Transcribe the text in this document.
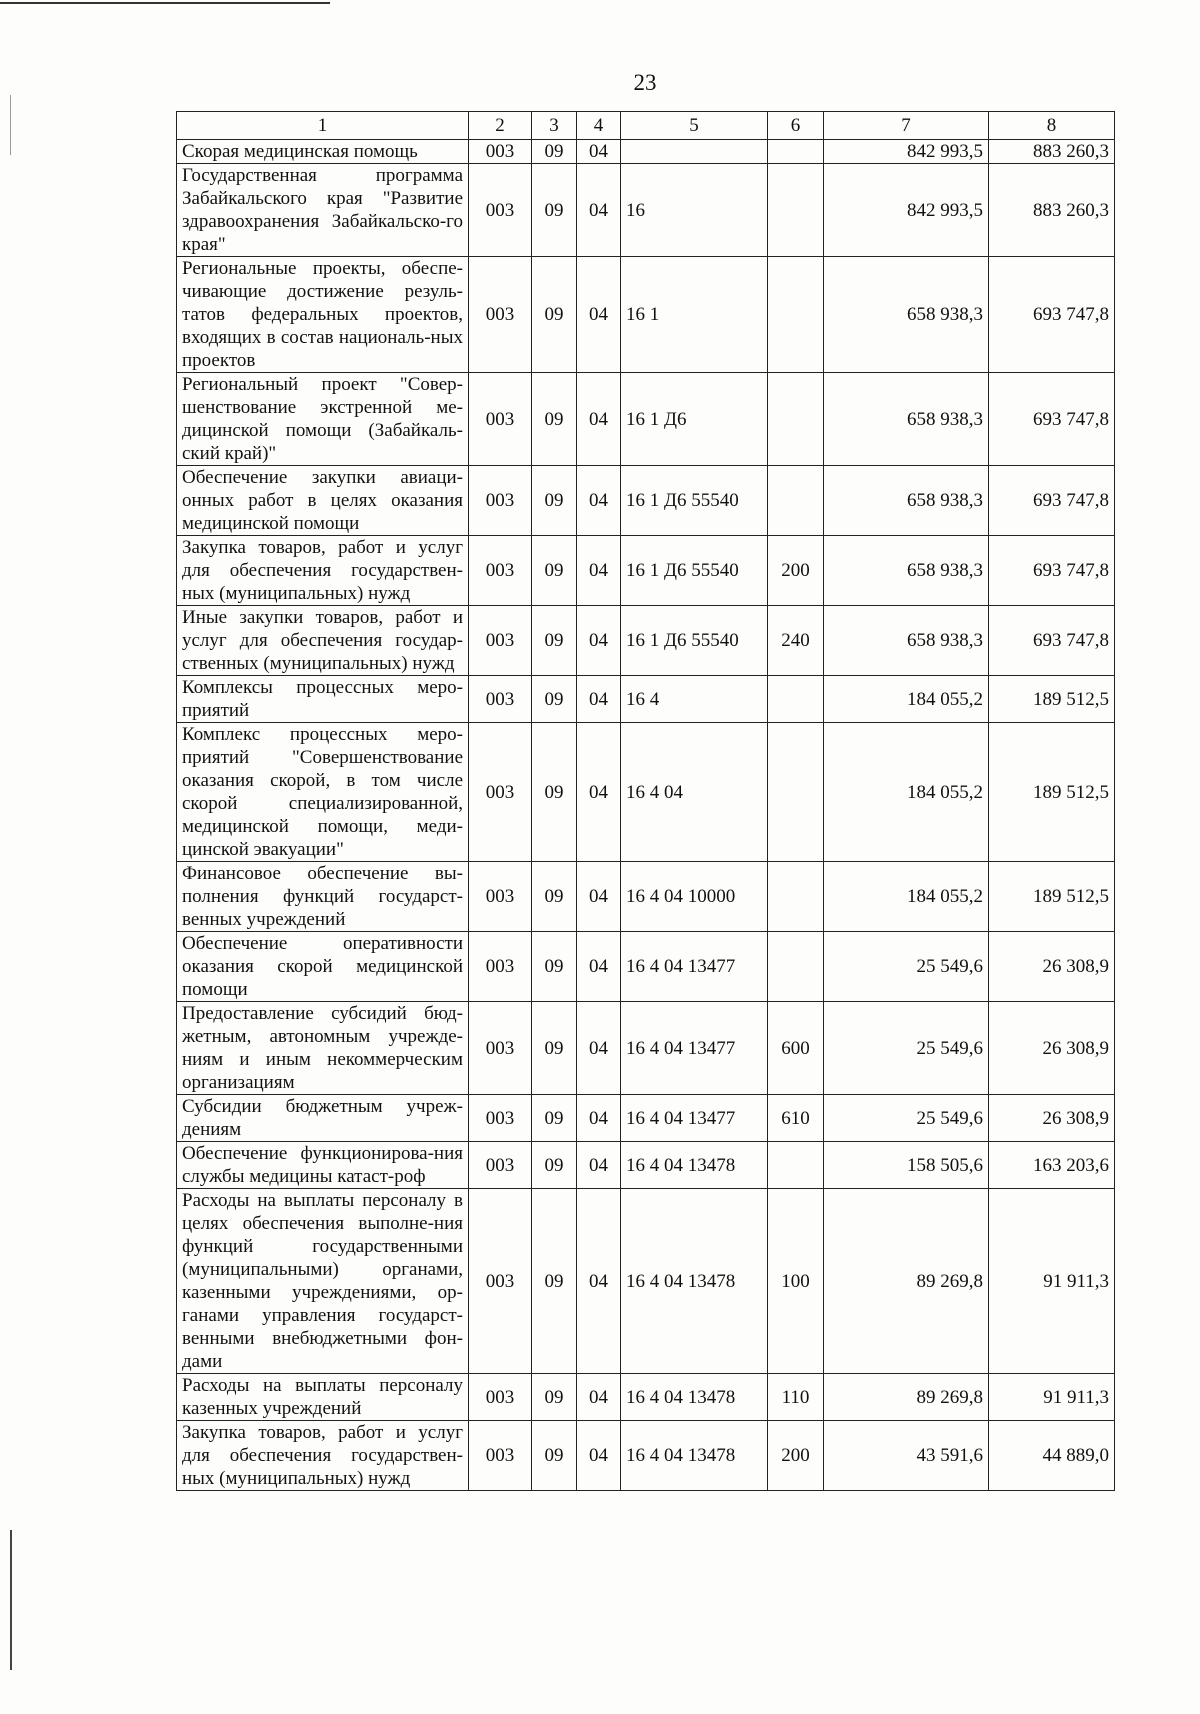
23
1	2	3	4	5	6	7	8
Скорая медицинская помощь	003	09	04			842 993,5	883 260,3
Государственная программа Забайкальского края "Развитие здравоохранения Забайкальско-го края"	003	09	04	16		842 993,5	883 260,3
Региональные проекты, обеспе-чивающие достижение резуль-татов федеральных проектов, входящих в состав националь-ных проектов	003	09	04	16 1		658 938,3	693 747,8
Региональный проект "Совер-шенствование экстренной ме-дицинской помощи (Забайкаль-ский край)"	003	09	04	16 1 Д6		658 938,3	693 747,8
Обеспечение закупки авиаци-онных работ в целях оказания медицинской помощи	003	09	04	16 1 Д6 55540		658 938,3	693 747,8
Закупка товаров, работ и услуг для обеспечения государствен-ных (муниципальных) нужд	003	09	04	16 1 Д6 55540	200	658 938,3	693 747,8
Иные закупки товаров, работ и услуг для обеспечения государ-ственных (муниципальных) нужд	003	09	04	16 1 Д6 55540	240	658 938,3	693 747,8
Комплексы процессных меро-приятий	003	09	04	16 4		184 055,2	189 512,5
Комплекс процессных меро-приятий "Совершенствование оказания скорой, в том числе скорой специализированной, медицинской помощи, меди-цинской эвакуации"	003	09	04	16 4 04		184 055,2	189 512,5
Финансовое обеспечение вы-полнения функций государст-венных учреждений	003	09	04	16 4 04 10000		184 055,2	189 512,5
Обеспечение оперативности оказания скорой медицинской помощи	003	09	04	16 4 04 13477		25 549,6	26 308,9
Предоставление субсидий бюд-жетным, автономным учрежде-ниям и иным некоммерческим организациям	003	09	04	16 4 04 13477	600	25 549,6	26 308,9
Субсидии бюджетным учреж-дениям	003	09	04	16 4 04 13477	610	25 549,6	26 308,9
Обеспечение функционирова-ния службы медицины катаст-роф	003	09	04	16 4 04 13478		158 505,6	163 203,6
Расходы на выплаты персоналу в целях обеспечения выполне-ния функций государственными (муниципальными) органами, казенными учреждениями, ор-ганами управления государст-венными внебюджетными фон-дами	003	09	04	16 4 04 13478	100	89 269,8	91 911,3
Расходы на выплаты персоналу казенных учреждений	003	09	04	16 4 04 13478	110	89 269,8	91 911,3
Закупка товаров, работ и услуг для обеспечения государствен-ных (муниципальных) нужд	003	09	04	16 4 04 13478	200	43 591,6	44 889,0
